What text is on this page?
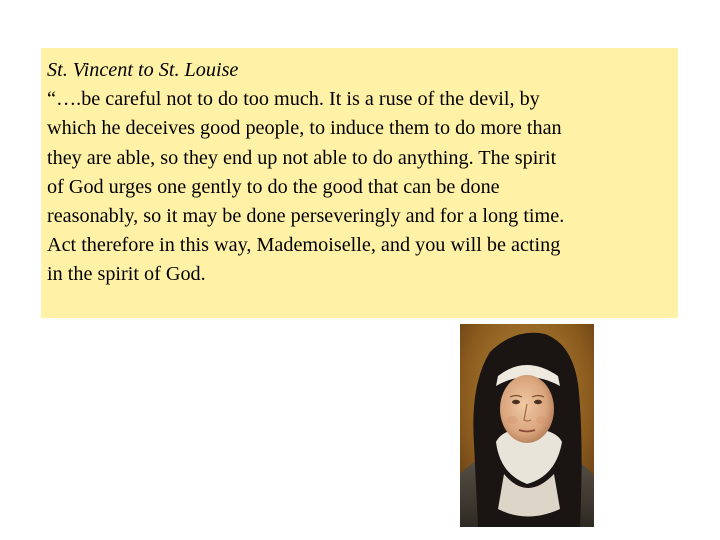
St. Vincent to St. Louise
“….be careful not to do too much. It is a ruse of the devil, by
which he deceives good people, to induce them to do more than
they are able, so they end up not able to do anything. The spirit
of God urges one gently to do the good that can be done
reasonably, so it may be done perseveringly and for a long time.
Act therefore in this way, Mademoiselle, and you will be acting
in the spirit of God.
